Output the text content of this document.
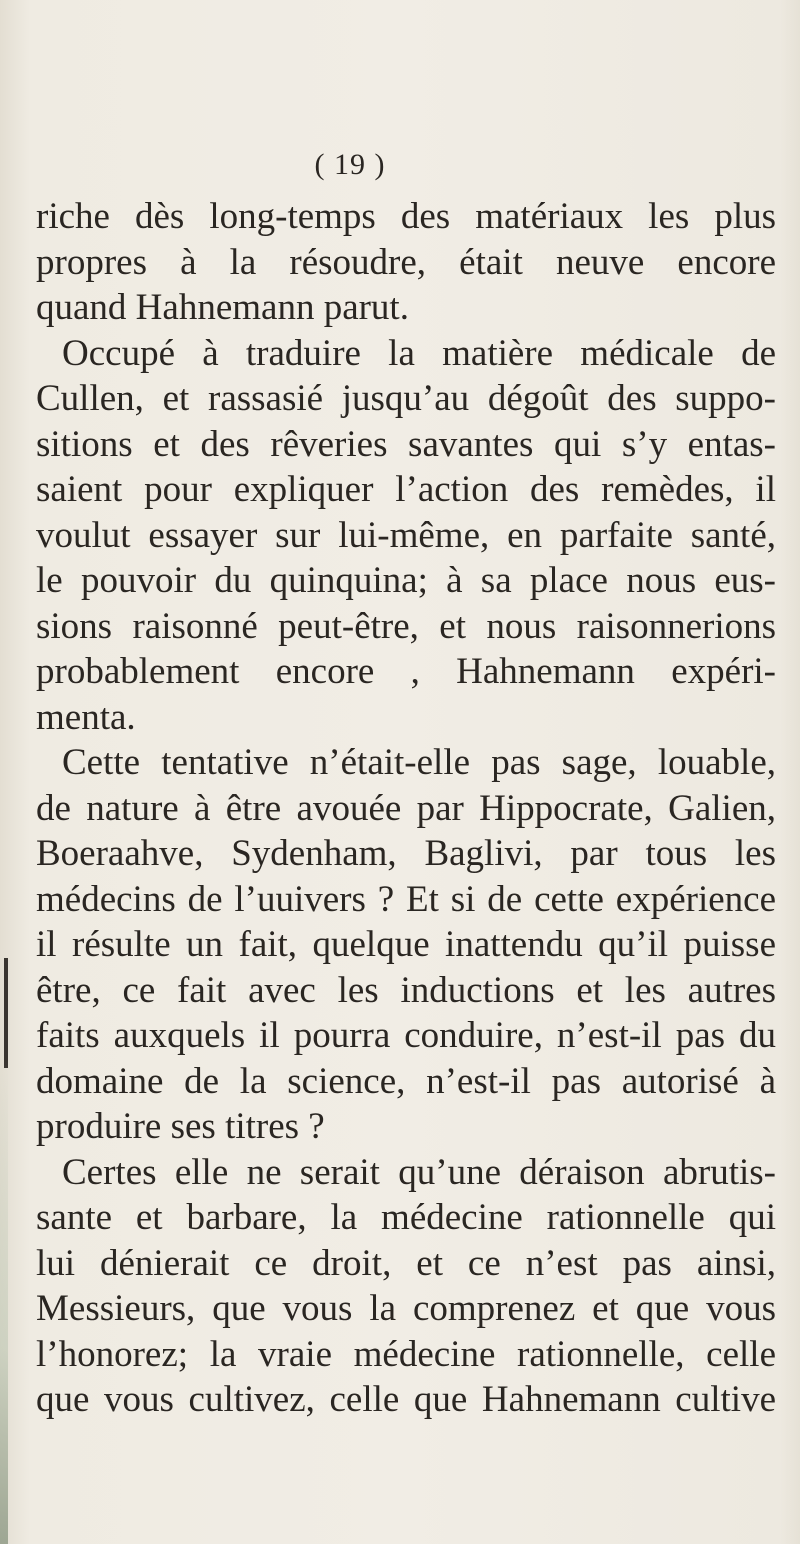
( 19 )
riche dès long-temps des matériaux les plus
propres à la résoudre, était neuve encore
quand Hahnemann parut.
Occupé à traduire la matière médicale de
Cullen, et rassasié jusqu’au dégoût des suppo-
sitions et des rêveries savantes qui s’y entas-
saient pour expliquer l’action des remèdes, il
voulut essayer sur lui-même, en parfaite santé,
le pouvoir du quinquina; à sa place nous eus-
sions raisonné peut-être, et nous raisonnerions
probablement encore , Hahnemann expéri-
menta.
Cette tentative n’était-elle pas sage, louable,
de nature à être avouée par Hippocrate, Galien,
Boeraahve, Sydenham, Baglivi, par tous les
médecins de l’uuivers ? Et si de cette expérience
il résulte un fait, quelque inattendu qu’il puisse
être, ce fait avec les inductions et les autres
faits auxquels il pourra conduire, n’est-il pas du
domaine de la science, n’est-il pas autorisé à
produire ses titres ?
Certes elle ne serait qu’une déraison abrutis-
sante et barbare, la médecine rationnelle qui
lui dénierait ce droit, et ce n’est pas ainsi,
Messieurs, que vous la comprenez et que vous
l’honorez; la vraie médecine rationnelle, celle
que vous cultivez, celle que Hahnemann cultive
